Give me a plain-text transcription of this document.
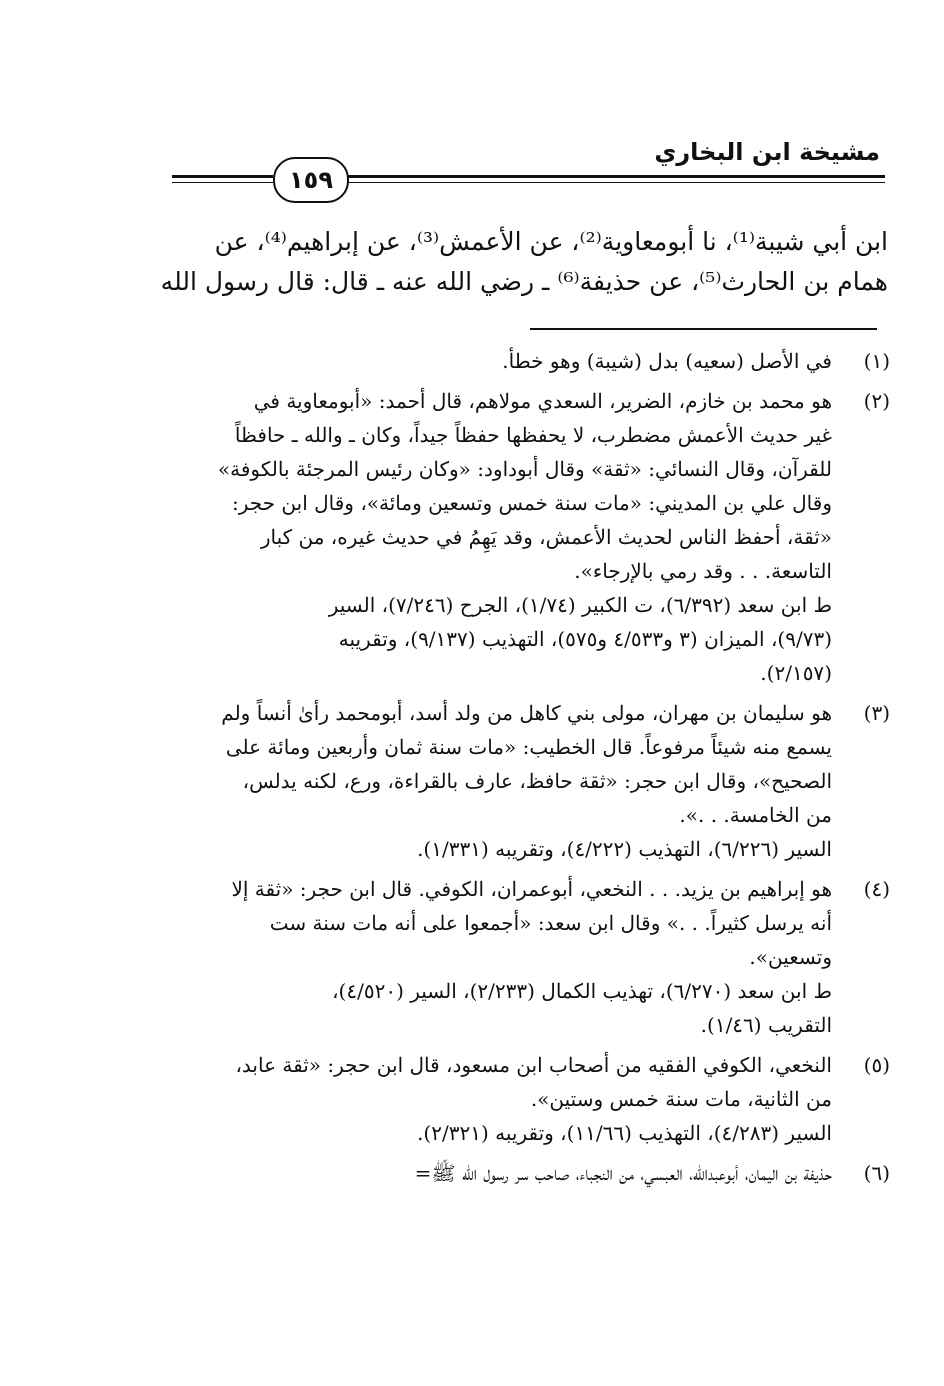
مشيخة ابن البخاري
١٥٩
ابن أبي شيبة⁽¹⁾، نا أبومعاوية⁽²⁾، عن الأعمش⁽³⁾، عن إبراهيم⁽⁴⁾، عن
همام بن الحارث⁽⁵⁾، عن حذيفة⁽⁶⁾ ـ رضي الله عنه ـ قال: قال رسول الله
(١)
في الأصل (سعيه) بدل (شيبة) وهو خطأ.
(٢)
هو محمد بن خازم، الضرير، السعدي مولاهم، قال أحمد: «أبومعاوية في
غير حديث الأعمش مضطرب، لا يحفظها حفظاً جيداً، وكان ـ والله ـ حافظاً
للقرآن، وقال النسائي: «ثقة» وقال أبوداود: «وكان رئيس المرجئة بالكوفة»
وقال علي بن المديني: «مات سنة خمس وتسعين ومائة»، وقال ابن حجر:
«ثقة، أحفظ الناس لحديث الأعمش، وقد يَهِمُ في حديث غيره، من كبار
التاسعة. . . وقد رمي بالإرجاء».
ط ابن سعد (٦/٣٩٢)، ت الكبير (١/٧٤)، الجرح (٧/٢٤٦)، السير
(٩/٧٣)، الميزان (٣ و٤/٥٣٣ و٥٧٥)، التهذيب (٩/١٣٧)، وتقريبه
(٢/١٥٧).
(٣)
هو سليمان بن مهران، مولى بني كاهل من ولد أسد، أبومحمد رأىٰ أنساً ولم
يسمع منه شيئاً مرفوعاً. قال الخطيب: «مات سنة ثمان وأربعين ومائة على
الصحيح»، وقال ابن حجر: «ثقة حافظ، عارف بالقراءة، ورع، لكنه يدلس،
من الخامسة. . .».
السير (٦/٢٢٦)، التهذيب (٤/٢٢٢)، وتقريبه (١/٣٣١).
(٤)
هو إبراهيم بن يزيد. . . النخعي، أبوعمران، الكوفي. قال ابن حجر: «ثقة إلا
أنه يرسل كثيراً. . .» وقال ابن سعد: «أجمعوا على أنه مات سنة ست
وتسعين».
ط ابن سعد (٦/٢٧٠)، تهذيب الكمال (٢/٢٣٣)، السير (٤/٥٢٠)،
التقريب (١/٤٦).
(٥)
النخعي، الكوفي الفقيه من أصحاب ابن مسعود، قال ابن حجر: «ثقة عابد،
من الثانية، مات سنة خمس وستين».
السير (٤/٢٨٣)، التهذيب (١١/٦٦)، وتقريبه (٢/٣٢١).
(٦)
حذيفة بن اليمان، أبوعبدالله، العبسي، من النجباء، صاحب سر رسول الله ﷺ=
